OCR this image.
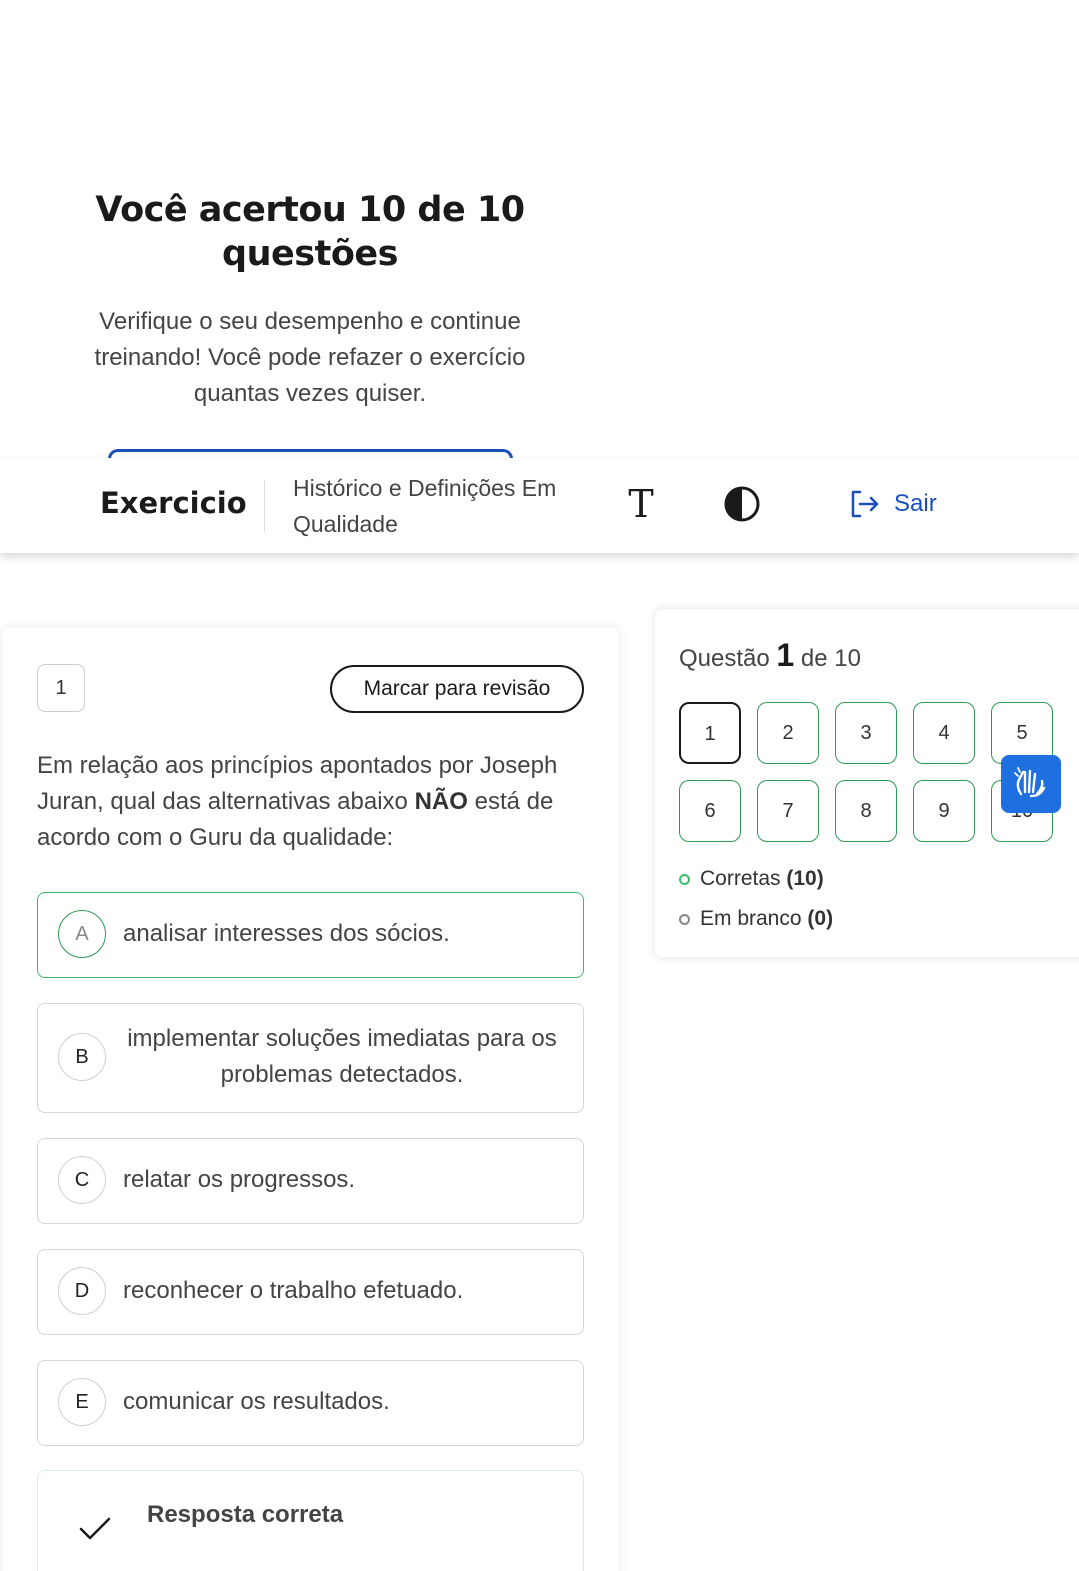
Você acertou 10 de 10 questões

Verifique o seu desempenho e continue treinando! Você pode refazer o exercício quantas vezes quiser.

Exercicio Histórico e Definições Em Qualidade	T	Sair
1	Marcar para revisão

Em relação aos princípios apontados por Joseph Juran, qual das alternativas abaixo NÃO está de acordo com o Guru da qualidade:

A	analisar interesses dos sócios.
B
implementar soluções imediatas para os problemas detectados.
C	relatar os progressos.
D	reconhecer o trabalho efetuado.
E	comunicar os resultados.
Resposta correta
Questão 1 de 10
1	2	3	4	5
6	7	8	9
Corretas
(10)
Em branco
(0)
